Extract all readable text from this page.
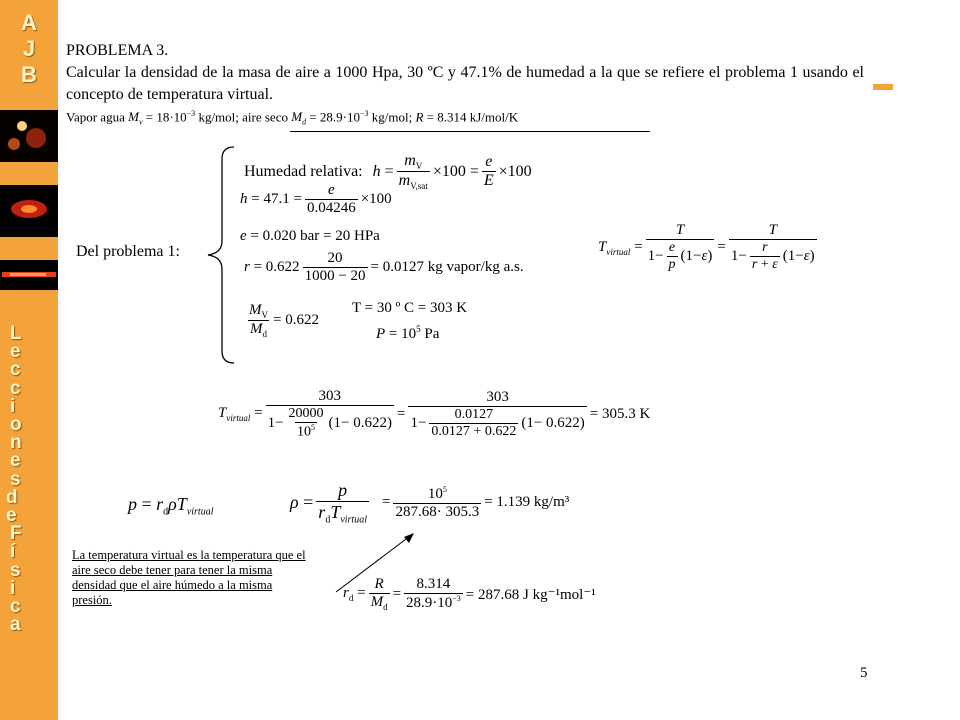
A
J
B
L
e
c
c
i
o
n
e
s
d
e
F
í
s
i
c
a
PROBLEMA 3.
Calcular la densidad de la masa de aire a 1000 Hpa, 30 ºC y 47.1% de humedad a la que se refiere el problema 1 usando el concepto de temperatura virtual.
Vapor agua $M_v = 18\cdot 10^{-3}$ kg/mol; aire seco $M_d = 28.9\cdot 10^{-3}$ kg/mol; R = 8.314 kJ/mol/K
Del problema 1:
Humedad relativa: $h = \frac{m_V}{m_{V,sat}} \times 100 = \frac{e}{E} \times 100$
$h = 47.1 = \frac{e}{0.04246} \times 100$
e = 0.020 bar = 20 HPa
$r = 0.622 \frac{20}{1000 - 20} = 0.0127$ kg vapor/kg a.s.
$\frac{M_V}{M_d} = 0.622$
T = 30 º C = 303 K
$P = 10^5$ Pa
$T_{virtual} = \frac{T}{1- \frac{e}{p} (1- \varepsilon )} = \frac{T}{1- \frac{r}{r + \varepsilon} (1- \varepsilon )}$
$T_{virtual} = \frac{303}{1- \frac{20000}{10^5} (1- 0.622)} = \frac{303}{1- \frac{0.0127}{0.0127 + 0.622} (1- 0.622)} = 305.3$ K
$p = r_d\rho T_{virtual}$	$\rho = \frac{p}{r_dT_{virtual}} = \frac{10^5}{287.68\cdot 305.3} = 1.139$ kg/m³
La temperatura virtual es la temperatura que el aire seco debe tener para tener la misma densidad que el aire húmedo a la misma presión.	$r_d = \frac{R}{M_d} = \frac{8.314}{28.9\cdot 10^{-3}} = 287.68$ J kg⁻¹mol⁻¹
5
